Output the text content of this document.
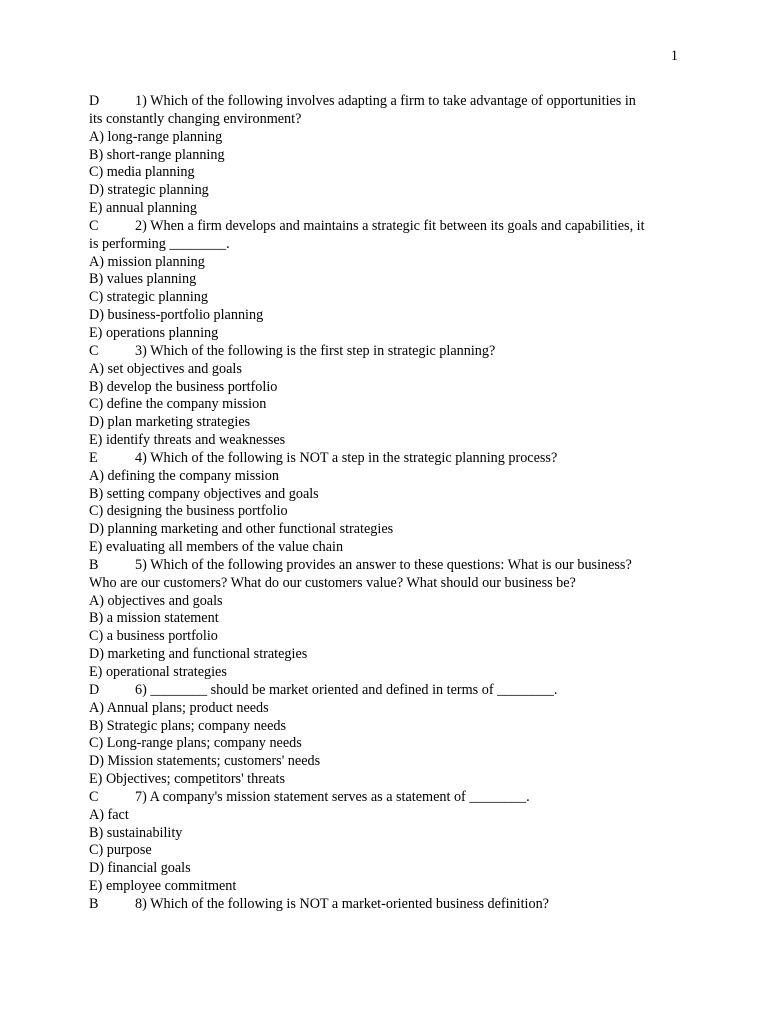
1
D	1) Which of the following involves adapting a firm to take advantage of opportunities in
its constantly changing environment?
A) long-range planning
B) short-range planning
C) media planning
D) strategic planning
E) annual planning
C	2) When a firm develops and maintains a strategic fit between its goals and capabilities, it
is performing ________.
A) mission planning
B) values planning
C) strategic planning
D) business-portfolio planning
E) operations planning
C	3) Which of the following is the first step in strategic planning?
A) set objectives and goals
B) develop the business portfolio
C) define the company mission
D) plan marketing strategies
E) identify threats and weaknesses
E	4) Which of the following is NOT a step in the strategic planning process?
A) defining the company mission
B) setting company objectives and goals
C) designing the business portfolio
D) planning marketing and other functional strategies
E) evaluating all members of the value chain
B	5) Which of the following provides an answer to these questions: What is our business?
Who are our customers? What do our customers value? What should our business be?
A) objectives and goals
B) a mission statement
C) a business portfolio
D) marketing and functional strategies
E) operational strategies
D	6) ________ should be market oriented and defined in terms of ________.
A) Annual plans; product needs
B) Strategic plans; company needs
C) Long-range plans; company needs
D) Mission statements; customers' needs
E) Objectives; competitors' threats
C	7) A company's mission statement serves as a statement of ________.
A) fact
B) sustainability
C) purpose
D) financial goals
E) employee commitment
B	8) Which of the following is NOT a market-oriented business definition?
